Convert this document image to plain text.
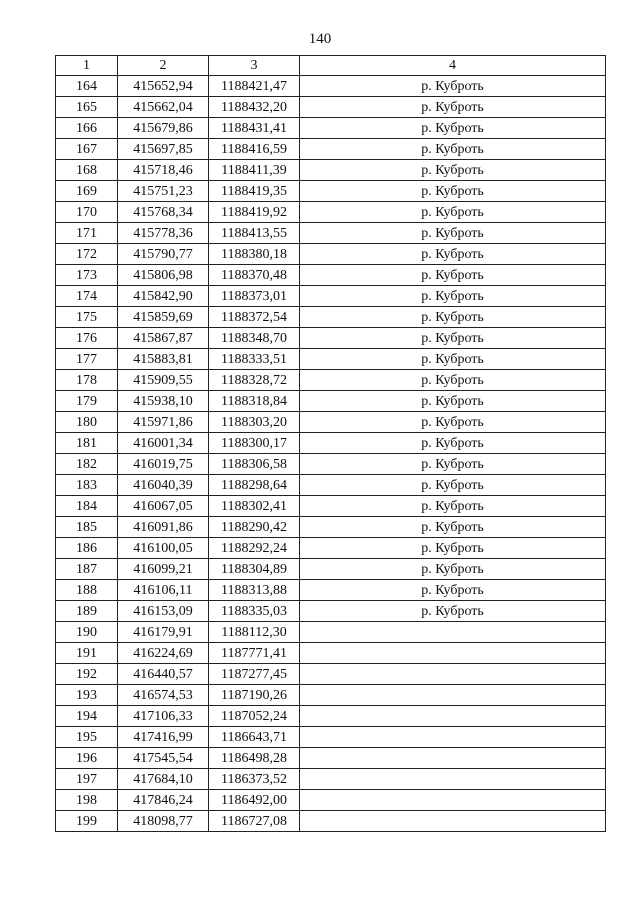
140
1	2	3	4
164	415652,94	1188421,47	р. Куброть
165	415662,04	1188432,20	р. Куброть
166	415679,86	1188431,41	р. Куброть
167	415697,85	1188416,59	р. Куброть
168	415718,46	1188411,39	р. Куброть
169	415751,23	1188419,35	р. Куброть
170	415768,34	1188419,92	р. Куброть
171	415778,36	1188413,55	р. Куброть
172	415790,77	1188380,18	р. Куброть
173	415806,98	1188370,48	р. Куброть
174	415842,90	1188373,01	р. Куброть
175	415859,69	1188372,54	р. Куброть
176	415867,87	1188348,70	р. Куброть
177	415883,81	1188333,51	р. Куброть
178	415909,55	1188328,72	р. Куброть
179	415938,10	1188318,84	р. Куброть
180	415971,86	1188303,20	р. Куброть
181	416001,34	1188300,17	р. Куброть
182	416019,75	1188306,58	р. Куброть
183	416040,39	1188298,64	р. Куброть
184	416067,05	1188302,41	р. Куброть
185	416091,86	1188290,42	р. Куброть
186	416100,05	1188292,24	р. Куброть
187	416099,21	1188304,89	р. Куброть
188	416106,11	1188313,88	р. Куброть
189	416153,09	1188335,03	р. Куброть
190	416179,91	1188112,30	
191	416224,69	1187771,41	
192	416440,57	1187277,45	
193	416574,53	1187190,26	
194	417106,33	1187052,24	
195	417416,99	1186643,71	
196	417545,54	1186498,28	
197	417684,10	1186373,52	
198	417846,24	1186492,00	
199	418098,77	1186727,08	
